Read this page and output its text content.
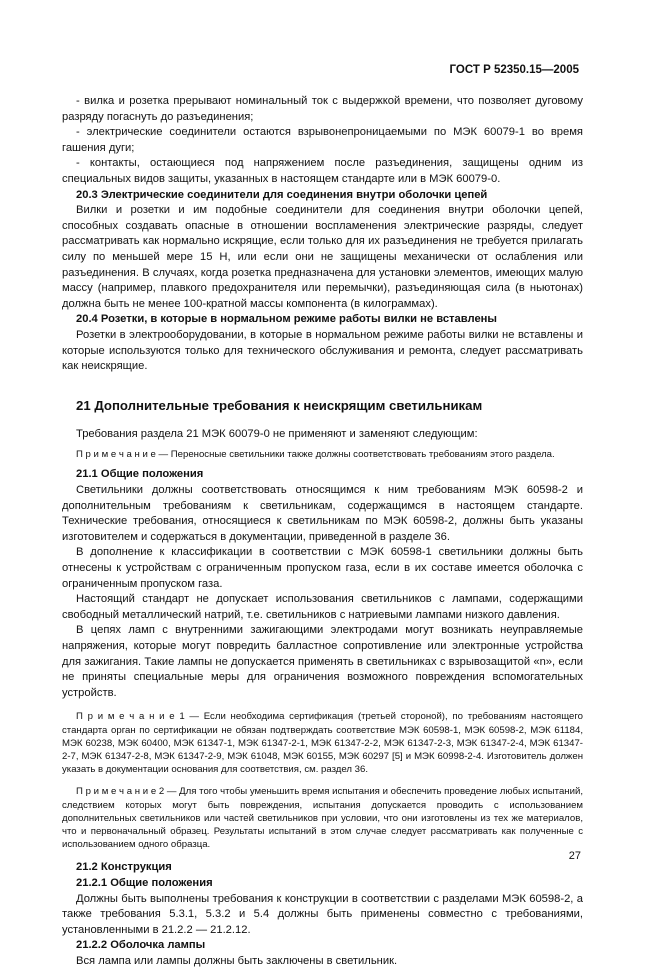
ГОСТ Р 52350.15—2005

- вилка и розетка прерывают номинальный ток с выдержкой времени, что позволяет дуговому разряду погаснуть до разъединения;

- электрические соединители остаются взрывонепроницаемыми по МЭК 60079-1 во время гашения дуги;

- контакты, остающиеся под напряжением после разъединения, защищены одним из специальных видов защиты, указанных в настоящем стандарте или в МЭК 60079-0.

20.3 Электрические соединители для соединения внутри оболочки цепей

Вилки и розетки и им подобные соединители для соединения внутри оболочки цепей, способных создавать опасные в отношении воспламенения электрические разряды, следует рассматривать как нормально искрящие, если только для их разъединения не требуется прилагать силу по меньшей мере 15 Н, или если они не защищены механически от ослабления или разъединения. В случаях, когда розетка предназначена для установки элементов, имеющих малую массу (например, плавкого предохранителя или перемычки), разъединяющая сила (в ньютонах) должна быть не менее 100-кратной массы компонента (в килограммах).

20.4 Розетки, в которые в нормальном режиме работы вилки не вставлены

Розетки в электрооборудовании, в которые в нормальном режиме работы вилки не вставлены и которые используются только для технического обслуживания и ремонта, следует рассматривать как неискрящие.

21 Дополнительные требования к неискрящим светильникам

Требования раздела 21 МЭК 60079-0 не применяют и заменяют следующим:

П р и м е ч а н и е — Переносные светильники также должны соответствовать требованиям этого раздела.

21.1 Общие положения

Светильники должны соответствовать относящимся к ним требованиям МЭК 60598-2 и дополнительным требованиям к светильникам, содержащимся в настоящем стандарте. Технические требования, относящиеся к светильникам по МЭК 60598-2, должны быть указаны изготовителем и содержаться в документации, приведенной в разделе 36.

В дополнение к классификации в соответствии с МЭК 60598-1 светильники должны быть отнесены к устройствам с ограниченным пропуском газа, если в их составе имеется оболочка с ограниченным пропуском газа.

Настоящий стандарт не допускает использования светильников с лампами, содержащими свободный металлический натрий, т.е. светильников с натриевыми лампами низкого давления.

В цепях ламп с внутренними зажигающими электродами могут возникать неуправляемые напряжения, которые могут повредить балластное сопротивление или электронные устройства для зажигания. Такие лампы не допускается применять в светильниках с взрывозащитой «n», если не приняты специальные меры для ограничения возможного повреждения вспомогательных устройств.

П р и м е ч а н и е 1 — Если необходима сертификация (третьей стороной), по требованиям настоящего стандарта орган по сертификации не обязан подтверждать соответствие МЭК 60598-1, МЭК 60598-2, МЭК 61184, МЭК 60238, МЭК 60400, МЭК 61347-1, МЭК 61347-2-1, МЭК 61347-2-2, МЭК 61347-2-3, МЭК 61347-2-4, МЭК 61347-2-7, МЭК 61347-2-8, МЭК 61347-2-9, МЭК 61048, МЭК 60155, МЭК 60297 [5] и МЭК 60998-2-4. Изготовитель должен указать в документации основания для соответствия, см. раздел 36.

П р и м е ч а н и е 2 — Для того чтобы уменьшить время испытания и обеспечить проведение любых испытаний, следствием которых могут быть повреждения, испытания допускается проводить с использованием дополнительных светильников или частей светильников при условии, что они изготовлены из тех же материалов, что и первоначальный образец. Результаты испытаний в этом случае следует рассматривать как полученные с использованием одного образца.

21.2 Конструкция

21.2.1 Общие положения

Должны быть выполнены требования к конструкции в соответствии с разделами МЭК 60598-2, а также требования 5.3.1, 5.3.2 и 5.4 должны быть применены совместно с требованиями, установленными в 21.2.2 — 21.2.12.

21.2.2 Оболочка лампы

Вся лампа или лампы должны быть заключены в светильник.

27
